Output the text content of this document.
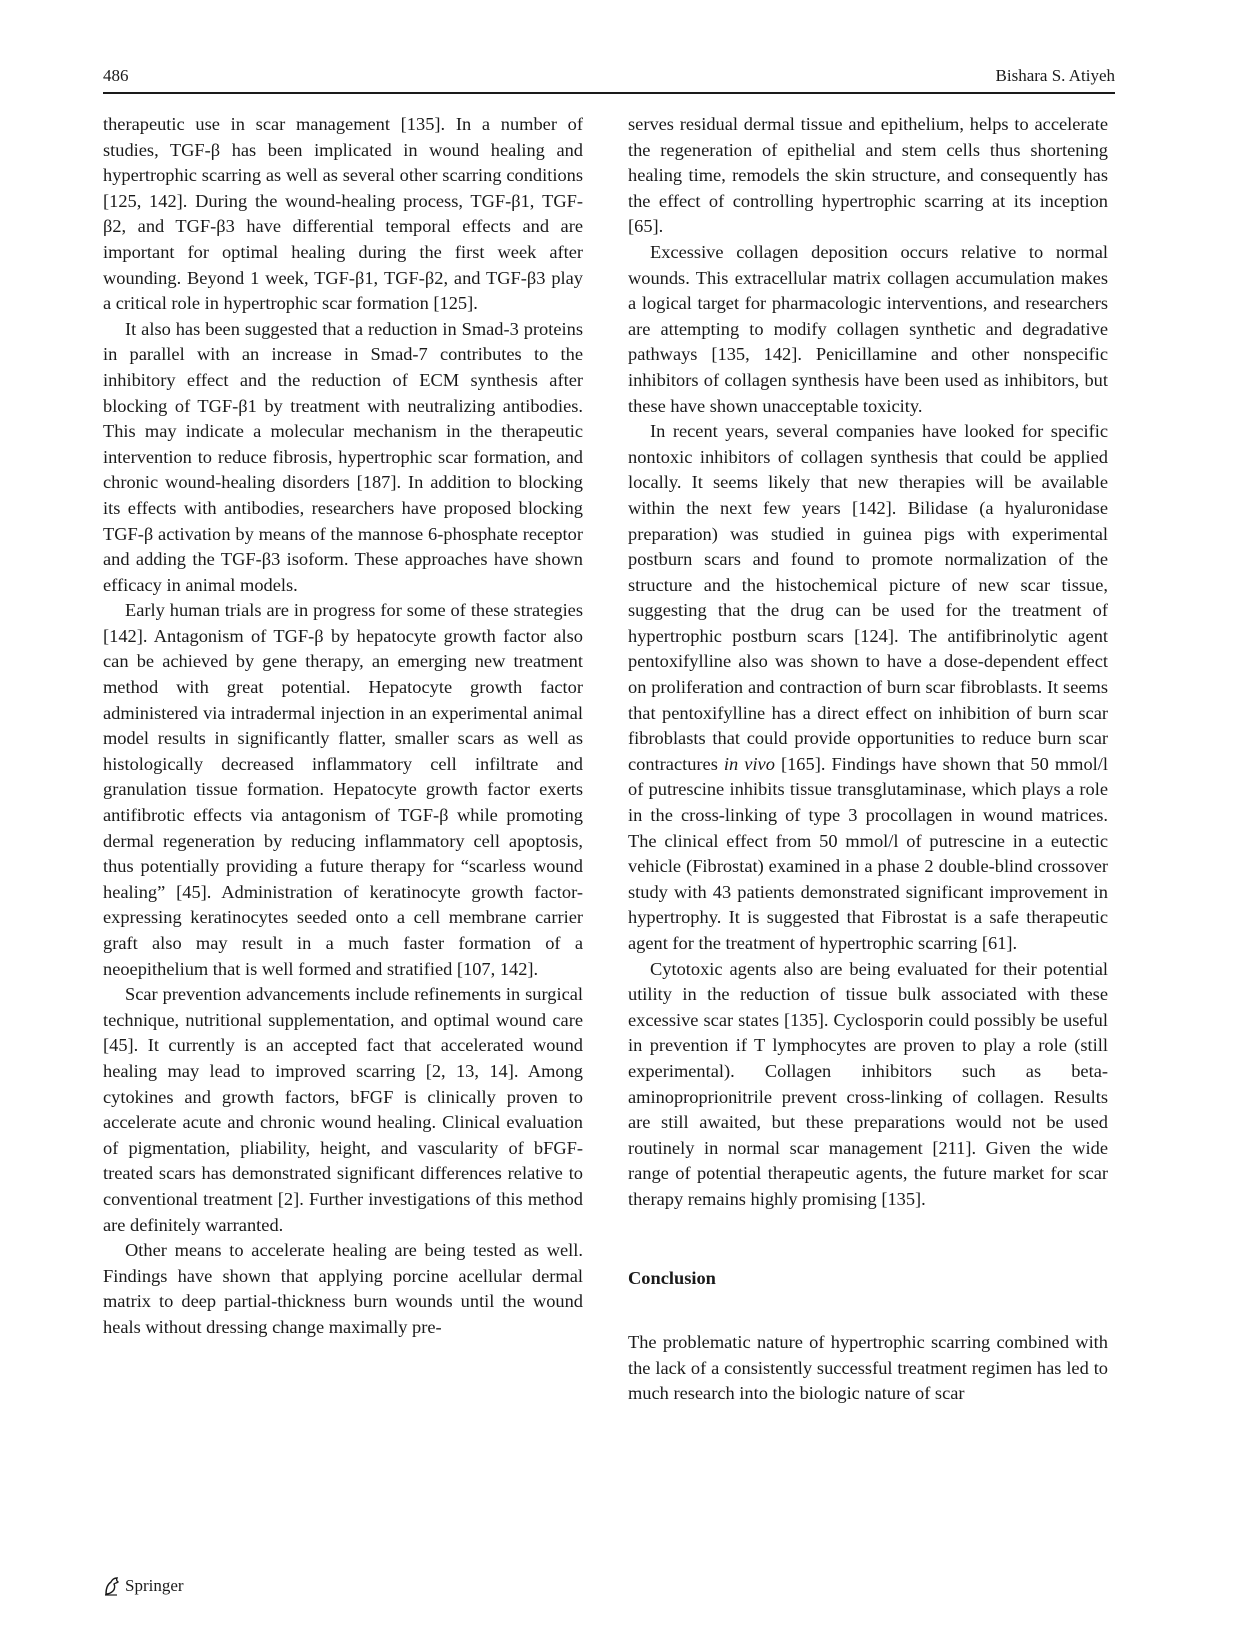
486	Bishara S. Atiyeh

therapeutic use in scar management [135]. In a number of studies, TGF-β has been implicated in wound healing and hypertrophic scarring as well as several other scarring conditions [125, 142]. During the wound-healing process, TGF-β1, TGF-β2, and TGF-β3 have differential temporal effects and are important for optimal healing during the first week after wounding. Beyond 1 week, TGF-β1, TGF-β2, and TGF-β3 play a critical role in hypertrophic scar formation [125].

It also has been suggested that a reduction in Smad-3 proteins in parallel with an increase in Smad-7 contributes to the inhibitory effect and the reduction of ECM synthesis after blocking of TGF-β1 by treatment with neutralizing antibodies. This may indicate a molecular mechanism in the therapeutic intervention to reduce fibrosis, hypertrophic scar formation, and chronic wound-healing disorders [187]. In addition to blocking its effects with antibodies, researchers have proposed blocking TGF-β activation by means of the mannose 6-phosphate receptor and adding the TGF-β3 isoform. These approaches have shown efficacy in animal models.

Early human trials are in progress for some of these strategies [142]. Antagonism of TGF-β by hepatocyte growth factor also can be achieved by gene therapy, an emerging new treatment method with great potential. Hepatocyte growth factor administered via intradermal injection in an experimental animal model results in significantly flatter, smaller scars as well as histologically decreased inflammatory cell infiltrate and granulation tissue formation. Hepatocyte growth factor exerts antifibrotic effects via antagonism of TGF-β while promoting dermal regeneration by reducing inflammatory cell apoptosis, thus potentially providing a future therapy for “scarless wound healing” [45]. Administration of keratinocyte growth factor-expressing keratinocytes seeded onto a cell membrane carrier graft also may result in a much faster formation of a neoepithelium that is well formed and stratified [107, 142].

Scar prevention advancements include refinements in surgical technique, nutritional supplementation, and optimal wound care [45]. It currently is an accepted fact that accelerated wound healing may lead to improved scarring [2, 13, 14]. Among cytokines and growth factors, bFGF is clinically proven to accelerate acute and chronic wound healing. Clinical evaluation of pigmentation, pliability, height, and vascularity of bFGF-treated scars has demonstrated significant differences relative to conventional treatment [2]. Further investigations of this method are definitely warranted.

Other means to accelerate healing are being tested as well. Findings have shown that applying porcine acellular dermal matrix to deep partial-thickness burn wounds until the wound heals without dressing change maximally pre-

serves residual dermal tissue and epithelium, helps to accelerate the regeneration of epithelial and stem cells thus shortening healing time, remodels the skin structure, and consequently has the effect of controlling hypertrophic scarring at its inception [65].

Excessive collagen deposition occurs relative to normal wounds. This extracellular matrix collagen accumulation makes a logical target for pharmacologic interventions, and researchers are attempting to modify collagen synthetic and degradative pathways [135, 142]. Penicillamine and other nonspecific inhibitors of collagen synthesis have been used as inhibitors, but these have shown unacceptable toxicity.

In recent years, several companies have looked for specific nontoxic inhibitors of collagen synthesis that could be applied locally. It seems likely that new therapies will be available within the next few years [142]. Bilidase (a hyaluronidase preparation) was studied in guinea pigs with experimental postburn scars and found to promote normalization of the structure and the histochemical picture of new scar tissue, suggesting that the drug can be used for the treatment of hypertrophic postburn scars [124]. The antifibrinolytic agent pentoxifylline also was shown to have a dose-dependent effect on proliferation and contraction of burn scar fibroblasts. It seems that pentoxifylline has a direct effect on inhibition of burn scar fibroblasts that could provide opportunities to reduce burn scar contractures in vivo [165]. Findings have shown that 50 mmol/l of putrescine inhibits tissue transglutaminase, which plays a role in the cross-linking of type 3 procollagen in wound matrices. The clinical effect from 50 mmol/l of putrescine in a eutectic vehicle (Fibrostat) examined in a phase 2 double-blind crossover study with 43 patients demonstrated significant improvement in hypertrophy. It is suggested that Fibrostat is a safe therapeutic agent for the treatment of hypertrophic scarring [61].

Cytotoxic agents also are being evaluated for their potential utility in the reduction of tissue bulk associated with these excessive scar states [135]. Cyclosporin could possibly be useful in prevention if T lymphocytes are proven to play a role (still experimental). Collagen inhibitors such as beta-aminoproprionitrile prevent cross-linking of collagen. Results are still awaited, but these preparations would not be used routinely in normal scar management [211]. Given the wide range of potential therapeutic agents, the future market for scar therapy remains highly promising [135].

Conclusion

The problematic nature of hypertrophic scarring combined with the lack of a consistently successful treatment regimen has led to much research into the biologic nature of scar

Springer
